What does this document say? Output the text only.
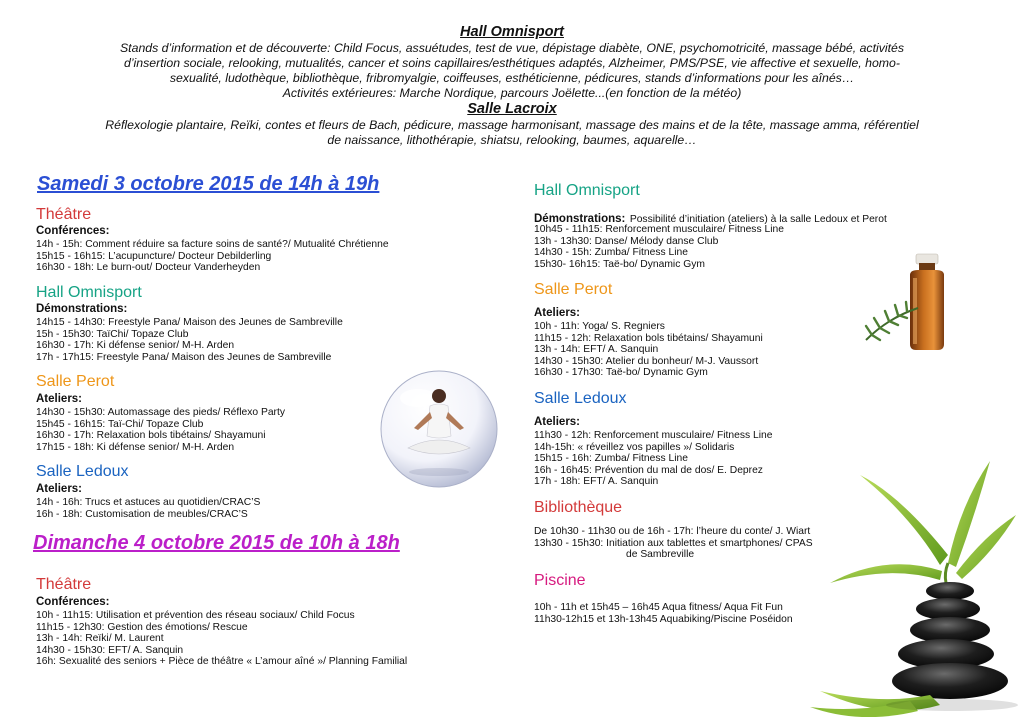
Hall Omnisport
Stands d’information et de découverte: Child Focus, assuétudes, test de vue, dépistage diabète, ONE, psychomotricité, massage bébé, activités
d’insertion sociale, relooking, mutualités, cancer et soins capillaires/esthétiques adaptés, Alzheimer, PMS/PSE, vie affective et sexuelle, homo-
sexualité, ludothèque, bibliothèque, fribromyalgie, coiffeuses, esthéticienne, pédicures, stands d’informations pour les aînés…
Activités extérieures: Marche Nordique, parcours Joëlette...(en fonction de la météo)
Salle Lacroix
Réflexologie plantaire, Reïki, contes et fleurs de Bach, pédicure, massage harmonisant, massage des mains et de la tête, massage amma, référentiel
de naissance, lithothérapie, shiatsu, relooking, baumes, aquarelle…
Samedi 3 octobre 2015 de 14h à 19h
Théâtre
Conférences:
14h - 15h: Comment réduire sa facture soins de santé?/ Mutualité Chrétienne
15h15 - 16h15: L’acupuncture/ Docteur Debilderling
16h30 - 18h: Le burn-out/ Docteur Vanderheyden
Hall Omnisport
Démonstrations:
14h15 - 14h30: Freestyle Pana/ Maison des Jeunes de Sambreville
15h - 15h30: TaïChi/ Topaze Club
16h30 - 17h: Ki défense senior/ M-H. Arden
17h - 17h15: Freestyle Pana/ Maison des Jeunes de Sambreville
Salle Perot
Ateliers:
14h30 - 15h30: Automassage des pieds/ Réflexo Party
15h45 - 16h15: Taï-Chi/ Topaze Club
16h30 - 17h: Relaxation bols tibétains/ Shayamuni
17h15 - 18h: Ki défense senior/ M-H. Arden
Salle Ledoux
Ateliers:
14h - 16h: Trucs et astuces au quotidien/CRAC’S
16h - 18h: Customisation de meubles/CRAC’S
Dimanche 4 octobre 2015 de 10h à 18h
Théâtre
Conférences:
10h - 11h15: Utilisation et prévention des réseau sociaux/ Child Focus
11h15 - 12h30: Gestion des émotions/ Rescue
13h - 14h: Reïki/ M. Laurent
14h30 - 15h30: EFT/ A. Sanquin
16h: Sexualité des seniors + Pièce de théâtre « L’amour aîné »/ Planning Familial
Hall Omnisport
Démonstrations: Possibilité d’initiation (ateliers) à la salle Ledoux et Perot
10h45 - 11h15: Renforcement musculaire/ Fitness Line
13h - 13h30: Danse/ Mélody danse Club
14h30 - 15h: Zumba/ Fitness Line
15h30- 16h15: Taë-bo/ Dynamic Gym
Salle Perot
Ateliers:
10h - 11h: Yoga/ S. Regniers
11h15 - 12h: Relaxation bols tibétains/ Shayamuni
13h - 14h: EFT/ A. Sanquin
14h30 - 15h30: Atelier du bonheur/ M-J. Vaussort
16h30 - 17h30: Taë-bo/ Dynamic Gym
Salle Ledoux
Ateliers:
11h30 - 12h: Renforcement musculaire/ Fitness Line
14h-15h: « réveillez vos papilles »/ Solidaris
15h15 - 16h: Zumba/ Fitness Line
16h - 16h45: Prévention du mal de dos/ E. Deprez
17h - 18h: EFT/ A. Sanquin
Bibliothèque
De 10h30 - 11h30 ou de 16h - 17h: l’heure du conte/ J. Wiart
13h30 - 15h30: Initiation aux tablettes et smartphones/ CPAS
de Sambreville
Piscine
10h - 11h et 15h45 – 16h45 Aqua fitness/ Aqua Fit Fun
11h30-12h15 et 13h-13h45 Aquabiking/Piscine Poséidon
